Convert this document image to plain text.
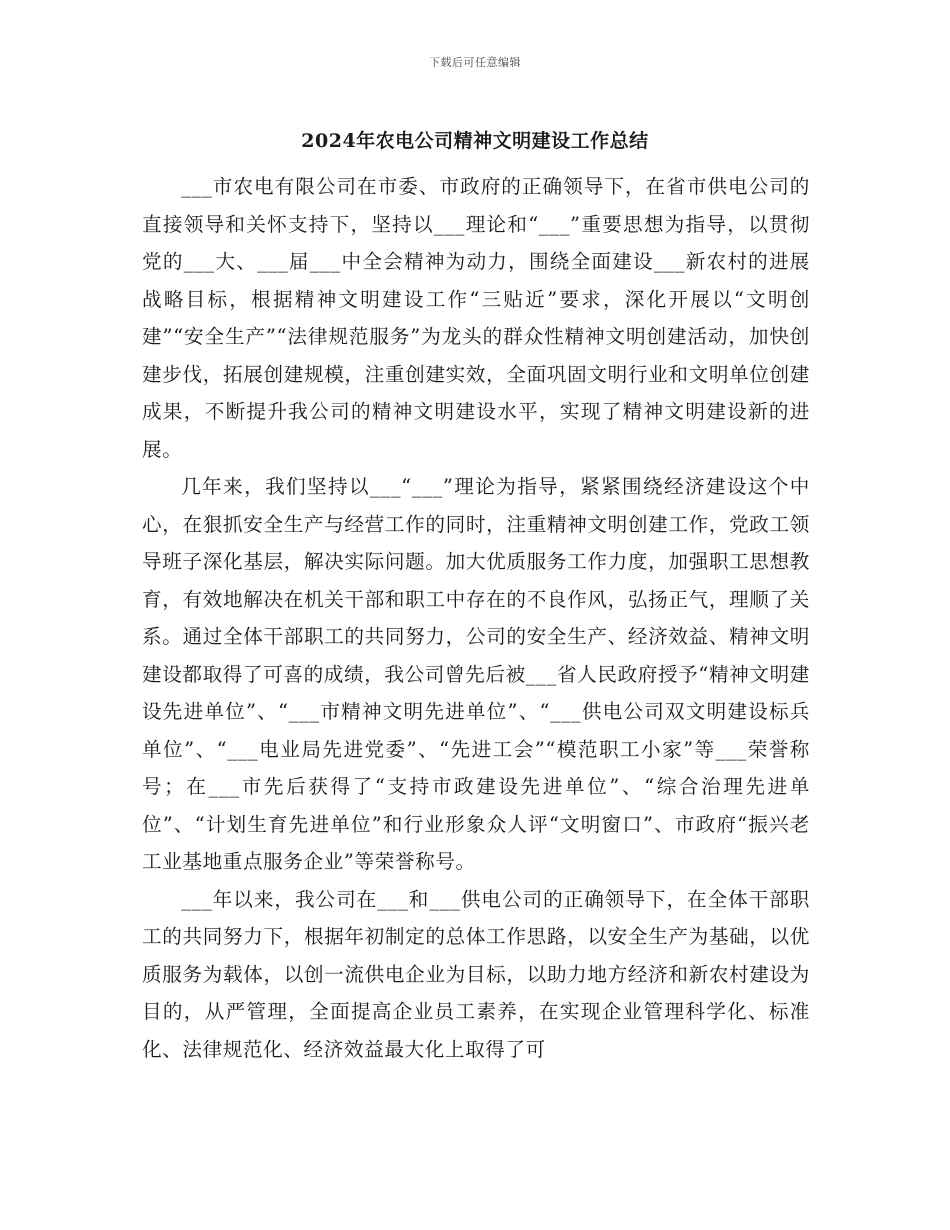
下载后可任意编辑
2024年农电公司精神文明建设工作总结

___市农电有限公司在市委、市政府的正确领导下，在省市供电公司的直接领导和关怀支持下，坚持以___理论和“___”重要思想为指导，以贯彻党的___大、___届___中全会精神为动力，围绕全面建设___新农村的进展战略目标，根据精神文明建设工作“三贴近”要求，深化开展以“文明创建”“安全生产”“法律规范服务”为龙头的群众性精神文明创建活动，加快创建步伐，拓展创建规模，注重创建实效，全面巩固文明行业和文明单位创建成果，不断提升我公司的精神文明建设水平，实现了精神文明建设新的进展。

几年来，我们坚持以___“___”理论为指导，紧紧围绕经济建设这个中心，在狠抓安全生产与经营工作的同时，注重精神文明创建工作，党政工领导班子深化基层，解决实际问题。加大优质服务工作力度，加强职工思想教育，有效地解决在机关干部和职工中存在的不良作风，弘扬正气，理顺了关系。通过全体干部职工的共同努力，公司的安全生产、经济效益、精神文明建设都取得了可喜的成绩，我公司曾先后被___省人民政府授予“精神文明建设先进单位”、“___市精神文明先进单位”、“___供电公司双文明建设标兵单位”、“___电业局先进党委”、“先进工会”“模范职工小家”等___荣誉称号；在___市先后获得了“支持市政建设先进单位”、“综合治理先进单位”、“计划生育先进单位”和行业形象众人评“文明窗口”、市政府“振兴老工业基地重点服务企业”等荣誉称号。

___年以来，我公司在___和___供电公司的正确领导下，在全体干部职工的共同努力下，根据年初制定的总体工作思路，以安全生产为基础，以优质服务为载体，以创一流供电企业为目标，以助力地方经济和新农村建设为目的，从严管理，全面提高企业员工素养，在实现企业管理科学化、标准化、法律规范化、经济效益最大化上取得了可
